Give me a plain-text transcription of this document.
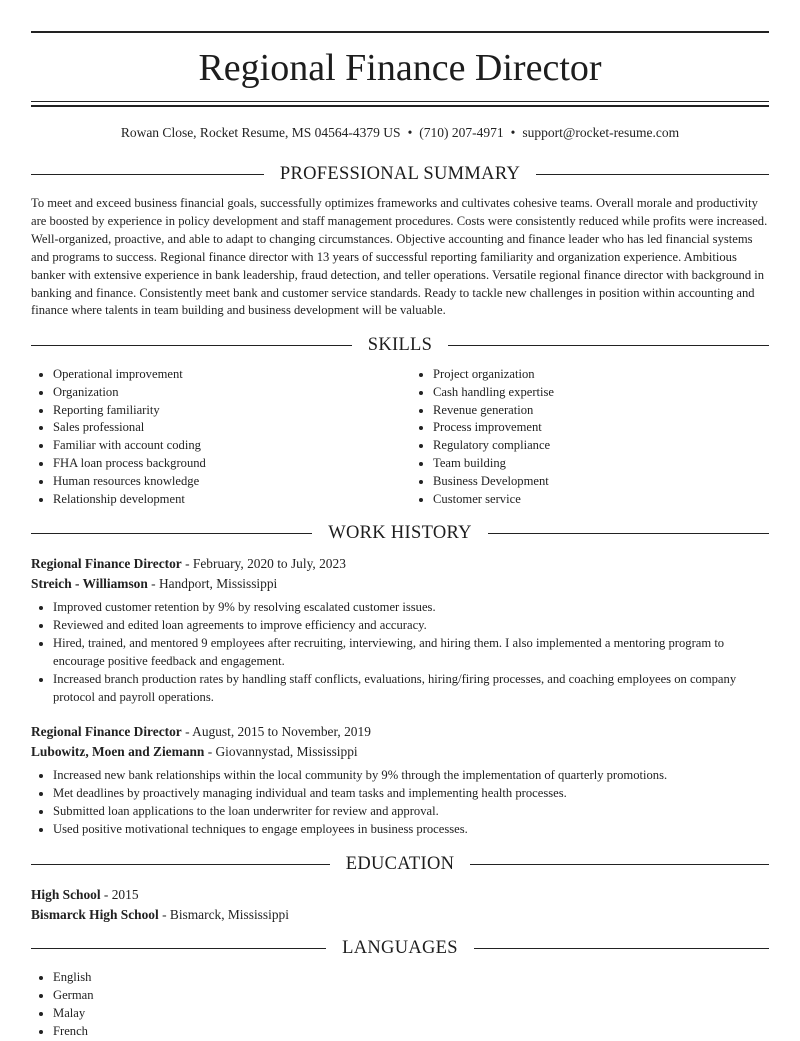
Regional Finance Director
Rowan Close, Rocket Resume, MS 04564-4379 US • (710) 207-4971 • support@rocket-resume.com
PROFESSIONAL SUMMARY

To meet and exceed business financial goals, successfully optimizes frameworks and cultivates cohesive teams. Overall morale and productivity are boosted by experience in policy development and staff management procedures. Costs were consistently reduced while profits were increased. Well-organized, proactive, and able to adapt to changing circumstances. Objective accounting and finance leader who has led financial systems and programs to success. Regional finance director with 13 years of successful reporting familiarity and organization experience. Ambitious banker with extensive experience in bank leadership, fraud detection, and teller operations. Versatile regional finance director with background in banking and finance. Consistently meet bank and customer service standards. Ready to tackle new challenges in position within accounting and finance where talents in team building and business development will be valuable.

SKILLS
• Operational improvement
• Organization
• Reporting familiarity
• Sales professional
• Familiar with account coding
• FHA loan process background
• Human resources knowledge
• Relationship development
• Project organization
• Cash handling expertise
• Revenue generation
• Process improvement
• Regulatory compliance
• Team building
• Business Development
• Customer service
WORK HISTORY
Regional Finance Director - February, 2020 to July, 2023
Streich - Williamson - Handport, Mississippi
• Improved customer retention by 9% by resolving escalated customer issues.
• Reviewed and edited loan agreements to improve efficiency and accuracy.
• Hired, trained, and mentored 9 employees after recruiting, interviewing, and hiring them. I also implemented a mentoring program to encourage positive feedback and engagement.
• Increased branch production rates by handling staff conflicts, evaluations, hiring/firing processes, and coaching employees on company protocol and payroll operations.
Regional Finance Director - August, 2015 to November, 2019
Lubowitz, Moen and Ziemann - Giovannystad, Mississippi
• Increased new bank relationships within the local community by 9% through the implementation of quarterly promotions.
• Met deadlines by proactively managing individual and team tasks and implementing health processes.
• Submitted loan applications to the loan underwriter for review and approval.
• Used positive motivational techniques to engage employees in business processes.
EDUCATION
High School - 2015
Bismarck High School - Bismarck, Mississippi
LANGUAGES
• English
• German
• Malay
• French
